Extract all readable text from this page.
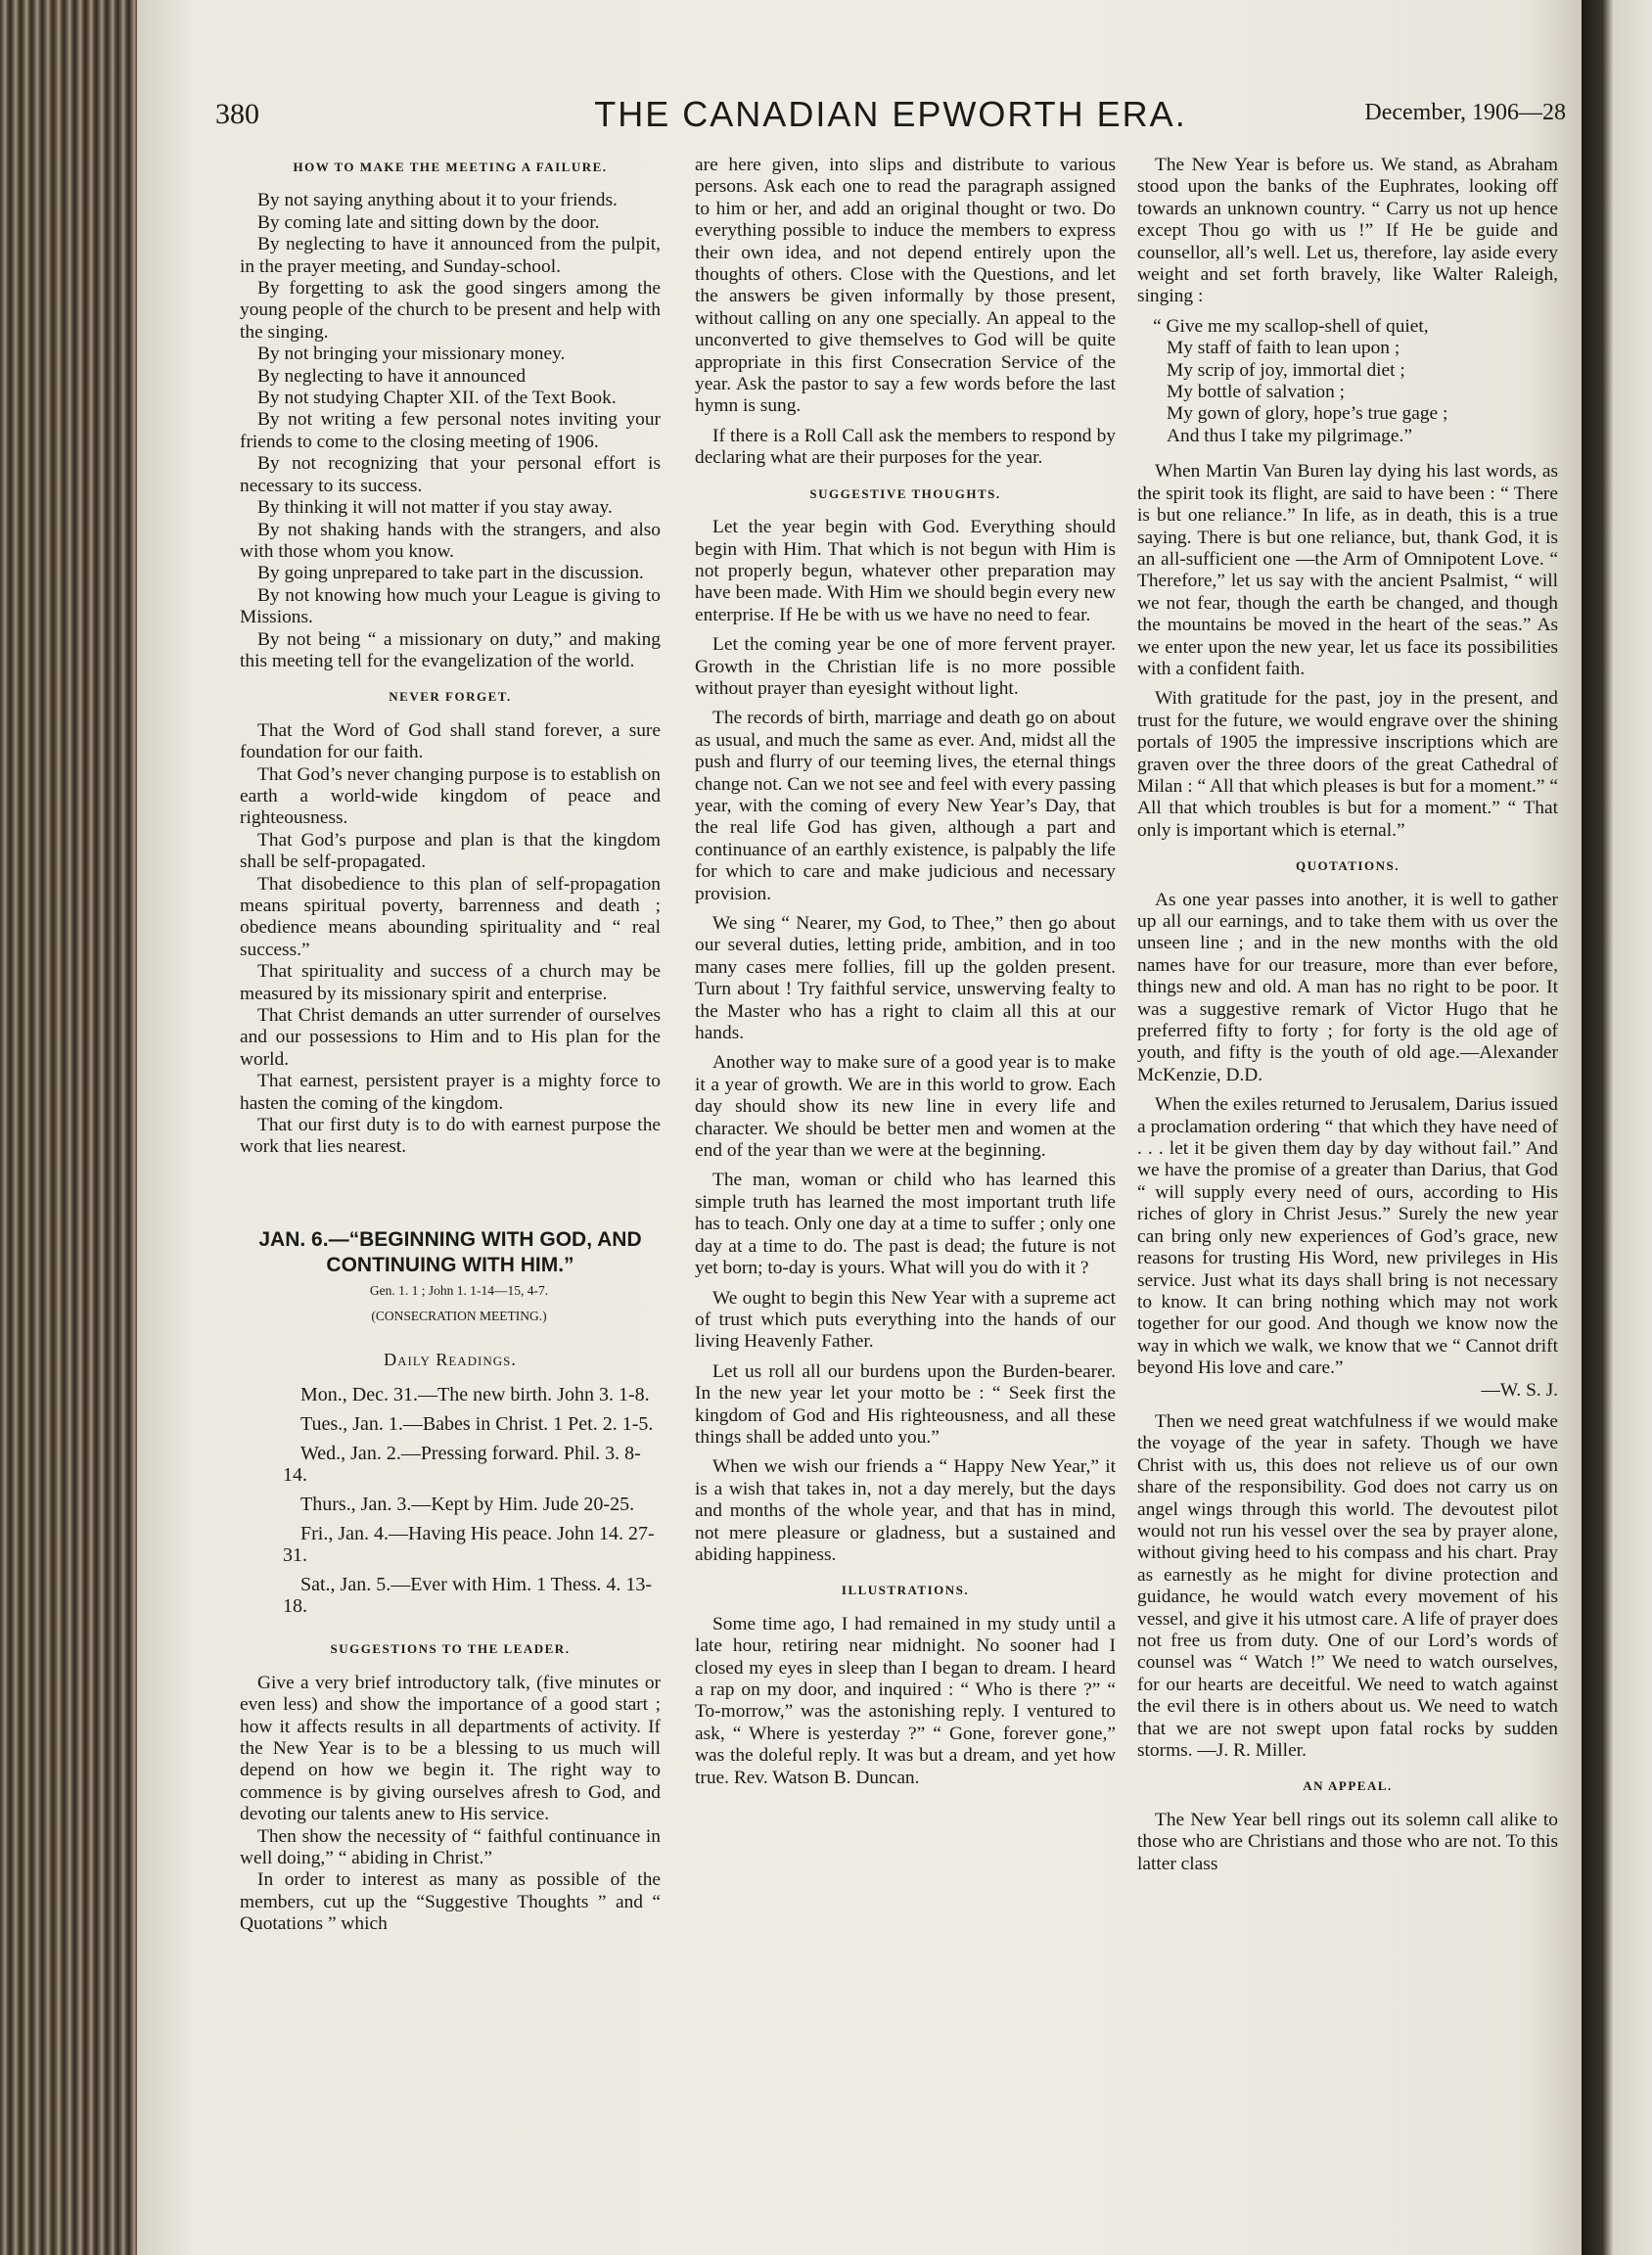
380	THE CANADIAN EPWORTH ERA.	December, 1906—28
HOW TO MAKE THE MEETING A FAILURE.

By not saying anything about it to your friends.

By coming late and sitting down by the door.

By neglecting to have it announced from the pulpit, in the prayer meeting, and Sunday-school.

By forgetting to ask the good singers among the young people of the church to be present and help with the singing.

By not bringing your missionary money.

By neglecting to have it announced

By not studying Chapter XII. of the Text Book.

By not writing a few personal notes inviting your friends to come to the closing meeting of 1906.

By not recognizing that your personal effort is necessary to its success.

By thinking it will not matter if you stay away.

By not shaking hands with the strangers, and also with those whom you know.

By going unprepared to take part in the discussion.

By not knowing how much your League is giving to Missions.

By not being “ a missionary on duty,” and making this meeting tell for the evangelization of the world.

NEVER FORGET.

That the Word of God shall stand forever, a sure foundation for our faith.

That God’s never changing purpose is to establish on earth a world-wide kingdom of peace and righteousness.

That God’s purpose and plan is that the kingdom shall be self-propagated.

That disobedience to this plan of self-propagation means spiritual poverty, barrenness and death ; obedience means abounding spirituality and “ real success.”

That spirituality and success of a church may be measured by its missionary spirit and enterprise.

That Christ demands an utter surrender of ourselves and our possessions to Him and to His plan for the world.

That earnest, persistent prayer is a mighty force to hasten the coming of the kingdom.

That our first duty is to do with earnest purpose the work that lies nearest.

JAN. 6.—“BEGINNING WITH GOD, AND CONTINUING WITH HIM.”

Gen. 1. 1 ; John 1. 1-14—15, 4-7.

(CONSECRATION MEETING.)

Daily Readings.

Mon., Dec. 31.—The new birth. John 3. 1-8.

Tues., Jan. 1.—Babes in Christ. 1 Pet. 2. 1-5.

Wed., Jan. 2.—Pressing forward. Phil. 3. 8-14.

Thurs., Jan. 3.—Kept by Him. Jude 20-25.

Fri., Jan. 4.—Having His peace. John 14. 27-31.

Sat., Jan. 5.—Ever with Him. 1 Thess. 4. 13-18.

SUGGESTIONS TO THE LEADER.

Give a very brief introductory talk, (five minutes or even less) and show the importance of a good start ; how it affects results in all departments of activity. If the New Year is to be a blessing to us much will depend on how we begin it. The right way to commence is by giving ourselves afresh to God, and devoting our talents anew to His service.

Then show the necessity of “ faithful continuance in well doing,” “ abiding in Christ.”

In order to interest as many as possible of the members, cut up the “Suggestive Thoughts ” and “ Quotations ” which

are here given, into slips and distribute to various persons. Ask each one to read the paragraph assigned to him or her, and add an original thought or two. Do everything possible to induce the members to express their own idea, and not depend entirely upon the thoughts of others. Close with the Questions, and let the answers be given informally by those present, without calling on any one specially. An appeal to the unconverted to give themselves to God will be quite appropriate in this first Consecration Service of the year. Ask the pastor to say a few words before the last hymn is sung.

If there is a Roll Call ask the members to respond by declaring what are their purposes for the year.

SUGGESTIVE THOUGHTS.

Let the year begin with God. Everything should begin with Him. That which is not begun with Him is not properly begun, whatever other preparation may have been made. With Him we should begin every new enterprise. If He be with us we have no need to fear.

Let the coming year be one of more fervent prayer. Growth in the Christian life is no more possible without prayer than eyesight without light.

The records of birth, marriage and death go on about as usual, and much the same as ever. And, midst all the push and flurry of our teeming lives, the eternal things change not. Can we not see and feel with every passing year, with the coming of every New Year’s Day, that the real life God has given, although a part and continuance of an earthly existence, is palpably the life for which to care and make judicious and necessary provision.

We sing “ Nearer, my God, to Thee,” then go about our several duties, letting pride, ambition, and in too many cases mere follies, fill up the golden present. Turn about ! Try faithful service, unswerving fealty to the Master who has a right to claim all this at our hands.

Another way to make sure of a good year is to make it a year of growth. We are in this world to grow. Each day should show its new line in every life and character. We should be better men and women at the end of the year than we were at the beginning.

The man, woman or child who has learned this simple truth has learned the most important truth life has to teach. Only one day at a time to suffer ; only one day at a time to do. The past is dead; the future is not yet born; to-day is yours. What will you do with it ?

We ought to begin this New Year with a supreme act of trust which puts everything into the hands of our living Heavenly Father.

Let us roll all our burdens upon the Burden-bearer. In the new year let your motto be : “ Seek first the kingdom of God and His righteousness, and all these things shall be added unto you.”

When we wish our friends a “ Happy New Year,” it is a wish that takes in, not a day merely, but the days and months of the whole year, and that has in mind, not mere pleasure or gladness, but a sustained and abiding happiness.

ILLUSTRATIONS.

Some time ago, I had remained in my study until a late hour, retiring near midnight. No sooner had I closed my eyes in sleep than I began to dream. I heard a rap on my door, and inquired : “ Who is there ?” “ To-morrow,” was the astonishing reply. I ventured to ask, “ Where is yesterday ?” “ Gone, forever gone,” was the doleful reply. It was but a dream, and yet how true. Rev. Watson B. Duncan.

The New Year is before us. We stand, as Abraham stood upon the banks of the Euphrates, looking off towards an unknown country. “ Carry us not up hence except Thou go with us !” If He be guide and counsellor, all’s well. Let us, therefore, lay aside every weight and set forth bravely, like Walter Raleigh, singing :

“ Give me my scallop-shell of quiet,
My staff of faith to lean upon ;
My scrip of joy, immortal diet ;
My bottle of salvation ;
My gown of glory, hope’s true gage ;
And thus I take my pilgrimage.”

When Martin Van Buren lay dying his last words, as the spirit took its flight, are said to have been : “ There is but one reliance.” In life, as in death, this is a true saying. There is but one reliance, but, thank God, it is an all-sufficient one —the Arm of Omnipotent Love. “ Therefore,” let us say with the ancient Psalmist, “ will we not fear, though the earth be changed, and though the mountains be moved in the heart of the seas.” As we enter upon the new year, let us face its possibilities with a confident faith.

With gratitude for the past, joy in the present, and trust for the future, we would engrave over the shining portals of 1905 the impressive inscriptions which are graven over the three doors of the great Cathedral of Milan : “ All that which pleases is but for a moment.” “ All that which troubles is but for a moment.” “ That only is important which is eternal.”

QUOTATIONS.

As one year passes into another, it is well to gather up all our earnings, and to take them with us over the unseen line ; and in the new months with the old names have for our treasure, more than ever before, things new and old. A man has no right to be poor. It was a suggestive remark of Victor Hugo that he preferred fifty to forty ; for forty is the old age of youth, and fifty is the youth of old age.—Alexander McKenzie, D.D.

When the exiles returned to Jerusalem, Darius issued a proclamation ordering “ that which they have need of . . . let it be given them day by day without fail.” And we have the promise of a greater than Darius, that God “ will supply every need of ours, according to His riches of glory in Christ Jesus.” Surely the new year can bring only new experiences of God’s grace, new reasons for trusting His Word, new privileges in His service. Just what its days shall bring is not necessary to know. It can bring nothing which may not work together for our good. And though we know now the way in which we walk, we know that we “ Cannot drift beyond His love and care.”

—W. S. J.

Then we need great watchfulness if we would make the voyage of the year in safety. Though we have Christ with us, this does not relieve us of our own share of the responsibility. God does not carry us on angel wings through this world. The devoutest pilot would not run his vessel over the sea by prayer alone, without giving heed to his compass and his chart. Pray as earnestly as he might for divine protection and guidance, he would watch every movement of his vessel, and give it his utmost care. A life of prayer does not free us from duty. One of our Lord’s words of counsel was “ Watch !” We need to watch ourselves, for our hearts are deceitful. We need to watch against the evil there is in others about us. We need to watch that we are not swept upon fatal rocks by sudden storms. —J. R. Miller.

AN APPEAL.

The New Year bell rings out its solemn call alike to those who are Christians and those who are not. To this latter class
